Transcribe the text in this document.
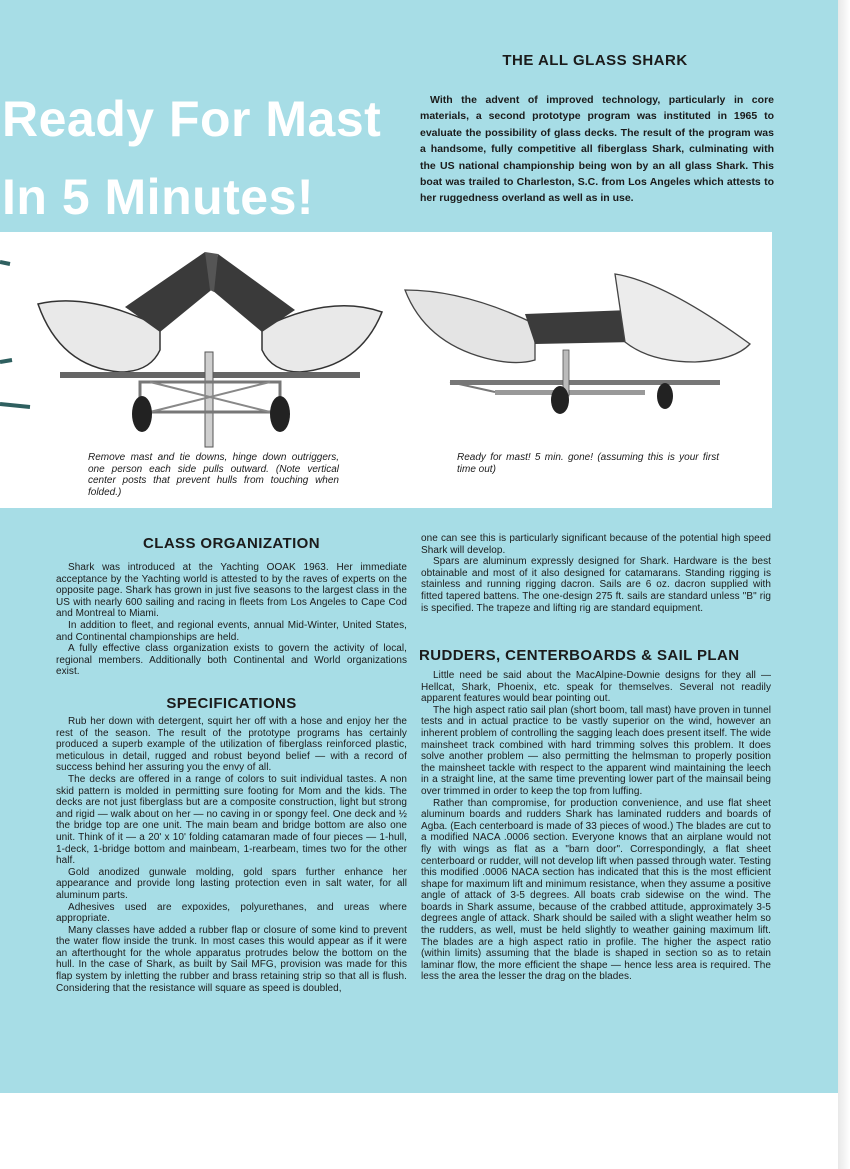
Ready For Mast
In 5 Minutes!
THE ALL GLASS SHARK
With the advent of improved technology, particularly in core materials, a second prototype program was instituted in 1965 to evaluate the possibility of glass decks. The result of the program was a handsome, fully competitive all fiberglass Shark, culminating with the US national championship being won by an all glass Shark. This boat was trailed to Charleston, S.C. from Los Angeles which attests to her ruggedness overland as well as in use.
Remove mast and tie downs, hinge down outriggers, one person each side pulls outward. (Note vertical center posts that prevent hulls from touching when folded.)
Ready for mast! 5 min. gone! (assuming this is your first time out)
CLASS ORGANIZATION

Shark was introduced at the Yachting OOAK 1963. Her immediate acceptance by the Yachting world is attested to by the raves of experts on the opposite page. Shark has grown in just five seasons to the largest class in the US with nearly 600 sailing and racing in fleets from Los Angeles to Cape Cod and Montreal to Miami.

In addition to fleet, and regional events, annual Mid-Winter, United States, and Continental championships are held.

A fully effective class organization exists to govern the activity of local, regional members. Additionally both Continental and World organizations exist.

SPECIFICATIONS

Rub her down with detergent, squirt her off with a hose and enjoy her the rest of the season. The result of the prototype programs has certainly produced a superb example of the utilization of fiberglass reinforced plastic, meticulous in detail, rugged and robust beyond belief — with a record of success behind her assuring you the envy of all.

The decks are offered in a range of colors to suit individual tastes. A non skid pattern is molded in permitting sure footing for Mom and the kids. The decks are not just fiberglass but are a composite construction, light but strong and rigid — walk about on her — no caving in or spongy feel. One deck and ½ the bridge top are one unit. The main beam and bridge bottom are also one unit. Think of it — a 20' x 10' folding catamaran made of four pieces — 1-hull, 1-deck, 1-bridge bottom and mainbeam, 1-rearbeam, times two for the other half.

Gold anodized gunwale molding, gold spars further enhance her appearance and provide long lasting protection even in salt water, for all aluminum parts.

Adhesives used are expoxides, polyurethanes, and ureas where appropriate.

Many classes have added a rubber flap or closure of some kind to prevent the water flow inside the trunk. In most cases this would appear as if it were an afterthought for the whole apparatus protrudes below the bottom on the hull. In the case of Shark, as built by Sail MFG, provision was made for this flap system by inletting the rubber and brass retaining strip so that all is flush. Considering that the resistance will square as speed is doubled,

one can see this is particularly significant because of the potential high speed Shark will develop.

Spars are aluminum expressly designed for Shark. Hardware is the best obtainable and most of it also designed for catamarans. Standing rigging is stainless and running rigging dacron. Sails are 6 oz. dacron supplied with fitted tapered battens. The one-design 275 ft. sails are standard unless "B" rig is specified. The trapeze and lifting rig are standard equipment.

RUDDERS, CENTERBOARDS & SAIL PLAN

Little need be said about the MacAlpine-Downie designs for they all — Hellcat, Shark, Phoenix, etc. speak for themselves. Several not readily apparent features would bear pointing out.

The high aspect ratio sail plan (short boom, tall mast) have proven in tunnel tests and in actual practice to be vastly superior on the wind, however an inherent problem of controlling the sagging leach does present itself. The wide mainsheet track combined with hard trimming solves this problem. It does solve another problem — also permitting the helmsman to properly position the mainsheet tackle with respect to the apparent wind maintaining the leech in a straight line, at the same time preventing lower part of the mainsail being over trimmed in order to keep the top from luffing.

Rather than compromise, for production convenience, and use flat sheet aluminum boards and rudders Shark has laminated rudders and boards of Agba. (Each centerboard is made of 33 pieces of wood.) The blades are cut to a modified NACA .0006 section. Everyone knows that an airplane would not fly with wings as flat as a "barn door". Correspondingly, a flat sheet centerboard or rudder, will not develop lift when passed through water. Testing this modified .0006 NACA section has indicated that this is the most efficient shape for maximum lift and minimum resistance, when they assume a positive angle of attack of 3-5 degrees. All boats crab sidewise on the wind. The boards in Shark assume, because of the crabbed attitude, approximately 3-5 degrees angle of attack. Shark should be sailed with a slight weather helm so the rudders, as well, must be held slightly to weather gaining maximum lift. The blades are a high aspect ratio in profile. The higher the aspect ratio (within limits) assuming that the blade is shaped in section so as to retain laminar flow, the more efficient the shape — hence less area is required. The less the area the lesser the drag on the blades.
